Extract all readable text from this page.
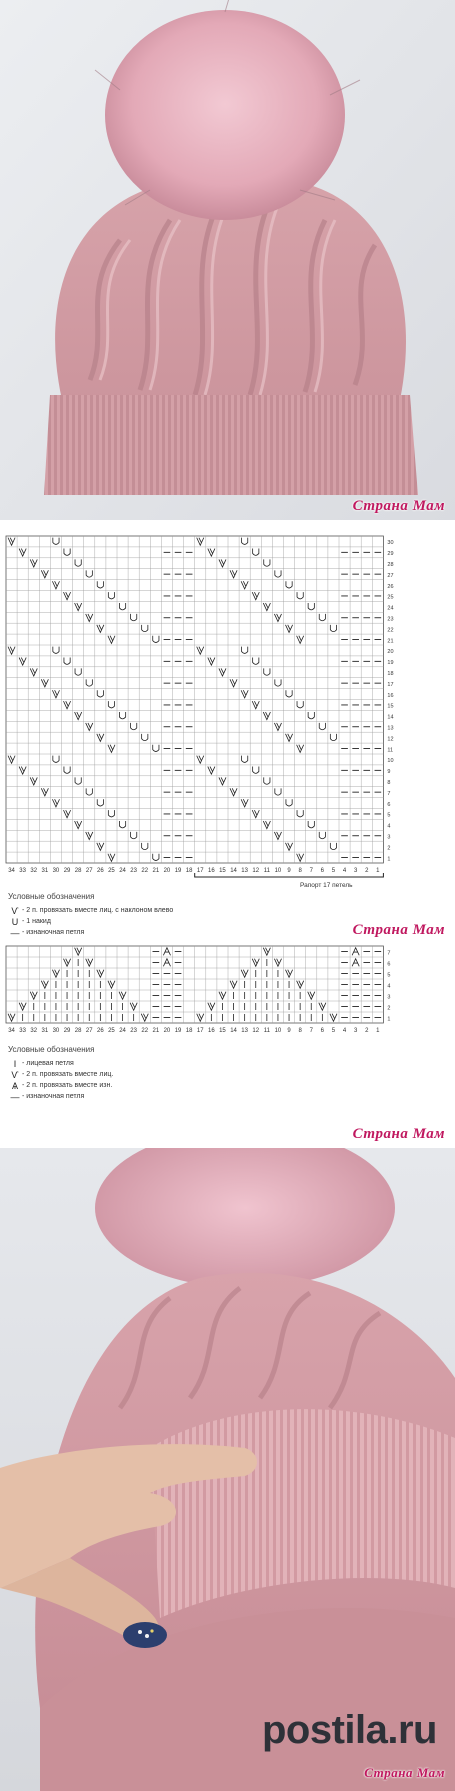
Страна Мам
34 33 32 31 30 29 28 27 26 25 24 23 22 21 20 19 18 17 16 15 14 13 12 11 10 9 8 7 6 5 4 3 2 1
30
29
28
27
26
25
24
23
22
21
20
19
18
17
16
15
14
13
12
11
10
9
8
7
6
5
4
3
2
1
Условные обозначения
Ѵ - 2 п. провязать вместе лиц. с наклоном влево
U - 1 накид
— - изнаночная петля
Рапорт 17 петель
Страна Мам
34 33 32 31 30 29 28 27 26 25 24 23 22 21 20 19 18 17 16 15 14 13 12 11 10 9 8 7 6 5 4 3 2 1
7
6
5
4
3
2
1
Условные обозначения
I - лицевая петля
Ѵ - 2 п. провязать вместе лиц.
Ѧ - 2 п. провязать вместе изн.
— - изнаночная петля
Страна Мам
postila.ru
Страна Мам
